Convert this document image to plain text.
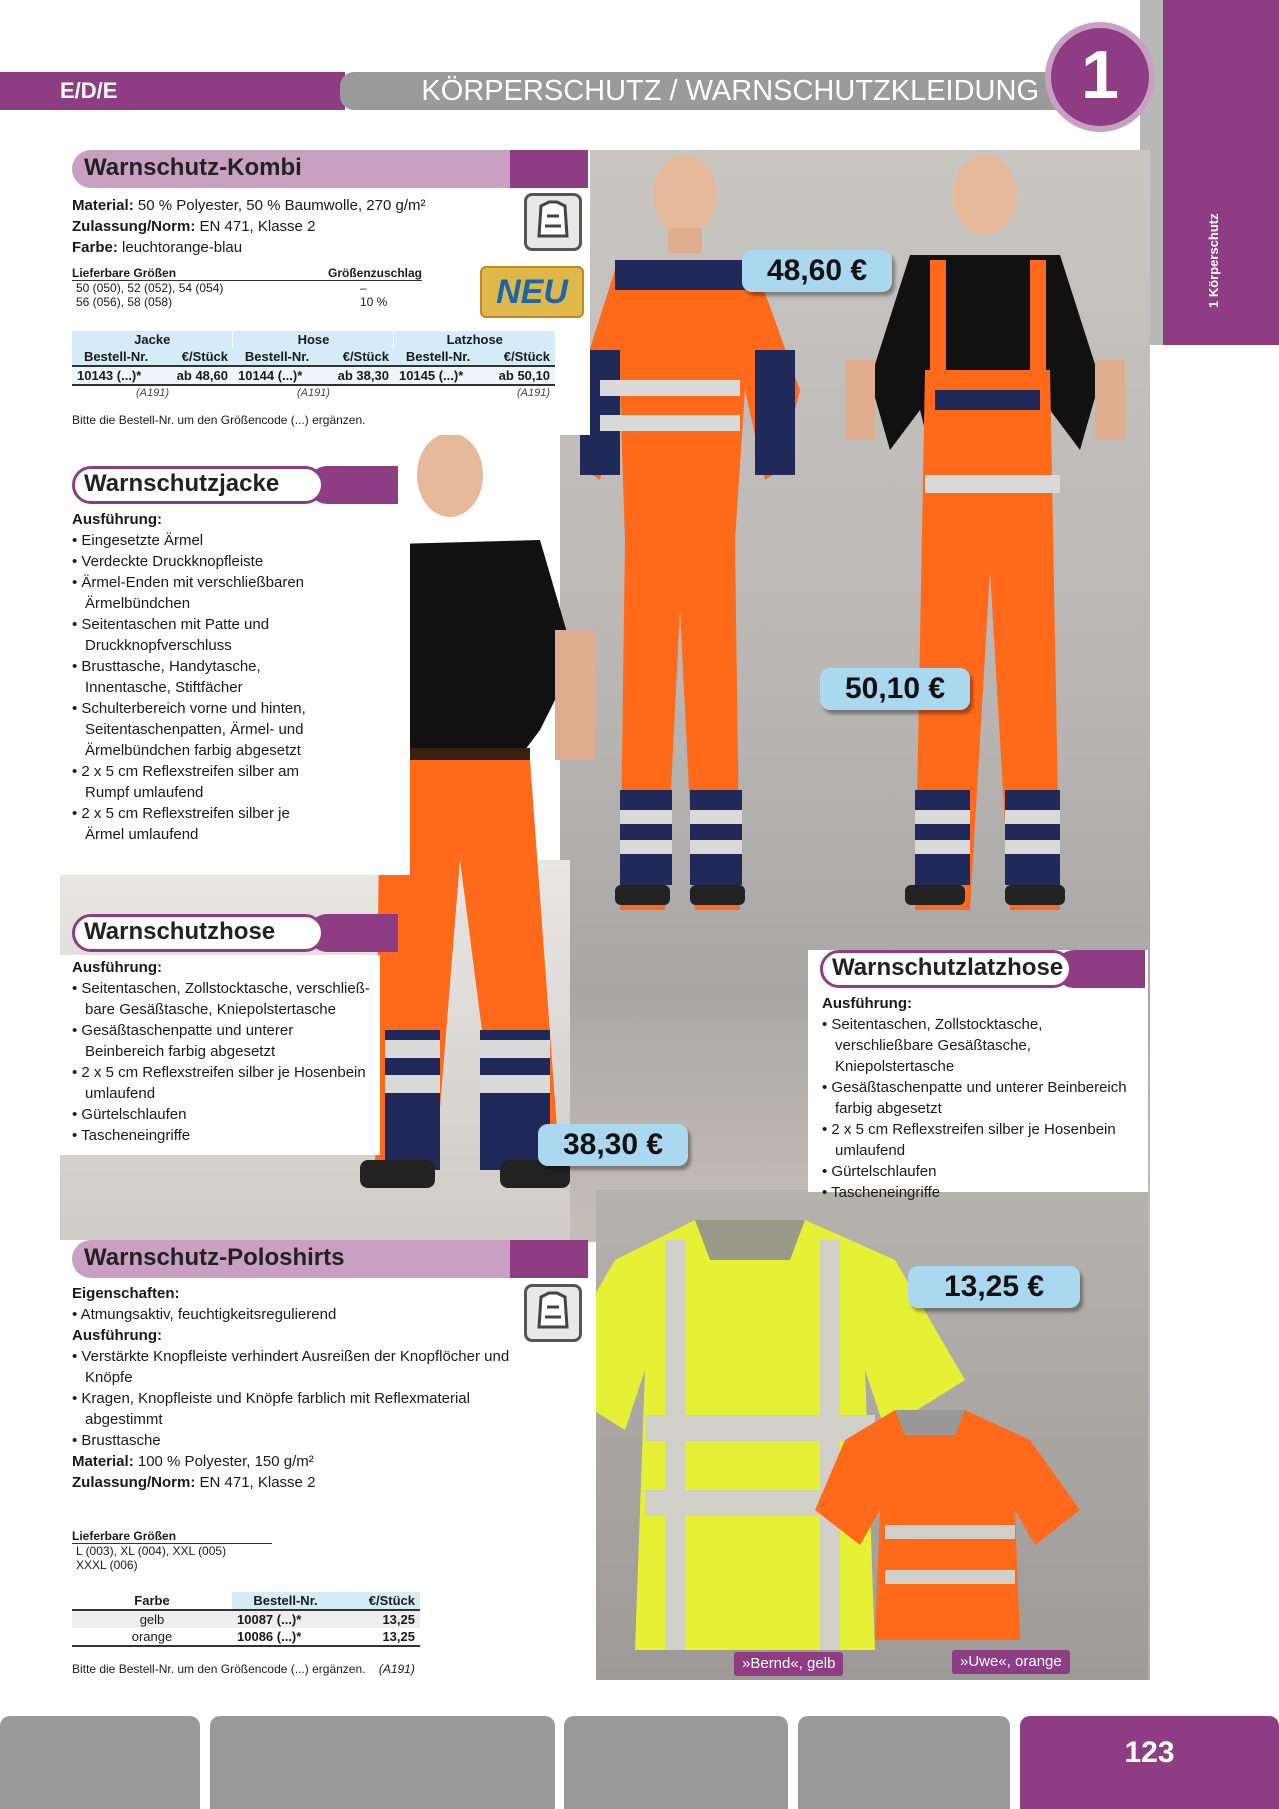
1 Körperschutz
E/D/E	KÖRPERSCHUTZ / WARNSCHUTZKLEIDUNG 1
Warnschutz-Kombi
Material: 50 % Polyester, 50 % Baumwolle, 270 g/m²
Zulassung/Norm: EN 471, Klasse 2
Farbe: leuchtorange-blau
NEU
Lieferbare Größen	Größenzuschlag
50 (050), 52 (052), 54 (054)	–
56 (056), 58 (058)	10 %
Jacke		Hose		Latzhose	
Bestell-Nr.	€/Stück	Bestell-Nr.	€/Stück	Bestell-Nr.	€/Stück
10143 (...)*	ab 48,60	10144 (...)*	ab 38,30	10145 (...)*	ab 50,10
(A191)		(A191)		(A191)	
Bitte die Bestell-Nr. um den Größencode (...) ergänzen.
Warnschutzjacke
Ausführung:
• Eingesetzte Ärmel
• Verdeckte Druckknopfleiste
• Ärmel-Enden mit verschließbaren Ärmelbündchen
• Seitentaschen mit Patte und Druckknopfverschluss
• Brusttasche, Handytasche, Innentasche, Stiftfächer
• Schulterbereich vorne und hinten, Seitentaschenpatten, Ärmel- und Ärmelbündchen farbig abgesetzt
• 2 x 5 cm Reflexstreifen silber am Rumpf umlaufend
• 2 x 5 cm Reflexstreifen silber je Ärmel umlaufend
Warnschutzhose
Ausführung:
• Seitentaschen, Zollstocktasche, verschließbare Gesäßtasche, Kniepolstertasche
• Gesäßtaschenpatte und unterer Beinbereich farbig abgesetzt
• 2 x 5 cm Reflexstreifen silber je Hosenbein umlaufend
• Gürtelschlaufen
• Tascheneingriffe
Warnschutzlatzhose
Ausführung:
• Seitentaschen, Zollstocktasche, verschließbare Gesäßtasche, Kniepolstertasche
• Gesäßtaschenpatte und unterer Beinbereich farbig abgesetzt
• 2 x 5 cm Reflexstreifen silber je Hosenbein umlaufend
• Gürtelschlaufen
• Tascheneingriffe
48,60 €
50,10 €
38,30 €
13,25 €
Warnschutz-Poloshirts
Eigenschaften:
• Atmungsaktiv, feuchtigkeitsregulierend
Ausführung:
• Verstärkte Knopfleiste verhindert Ausreißen der Knopflöcher und Knöpfe
• Kragen, Knopfleiste und Knöpfe farblich mit Reflexmaterial abgestimmt
• Brusttasche
Material: 100 % Polyester, 150 g/m²
Zulassung/Norm: EN 471, Klasse 2
Lieferbare Größen
L (003), XL (004), XXL (005)
XXXL (006)
Farbe	Bestell-Nr.	€/Stück
gelb	10087 (...)*	13,25
orange	10086 (...)*	13,25
Bitte die Bestell-Nr. um den Größencode (...) ergänzen. (A191)	»Bernd«, gelb	»Uwe«, orange
123
